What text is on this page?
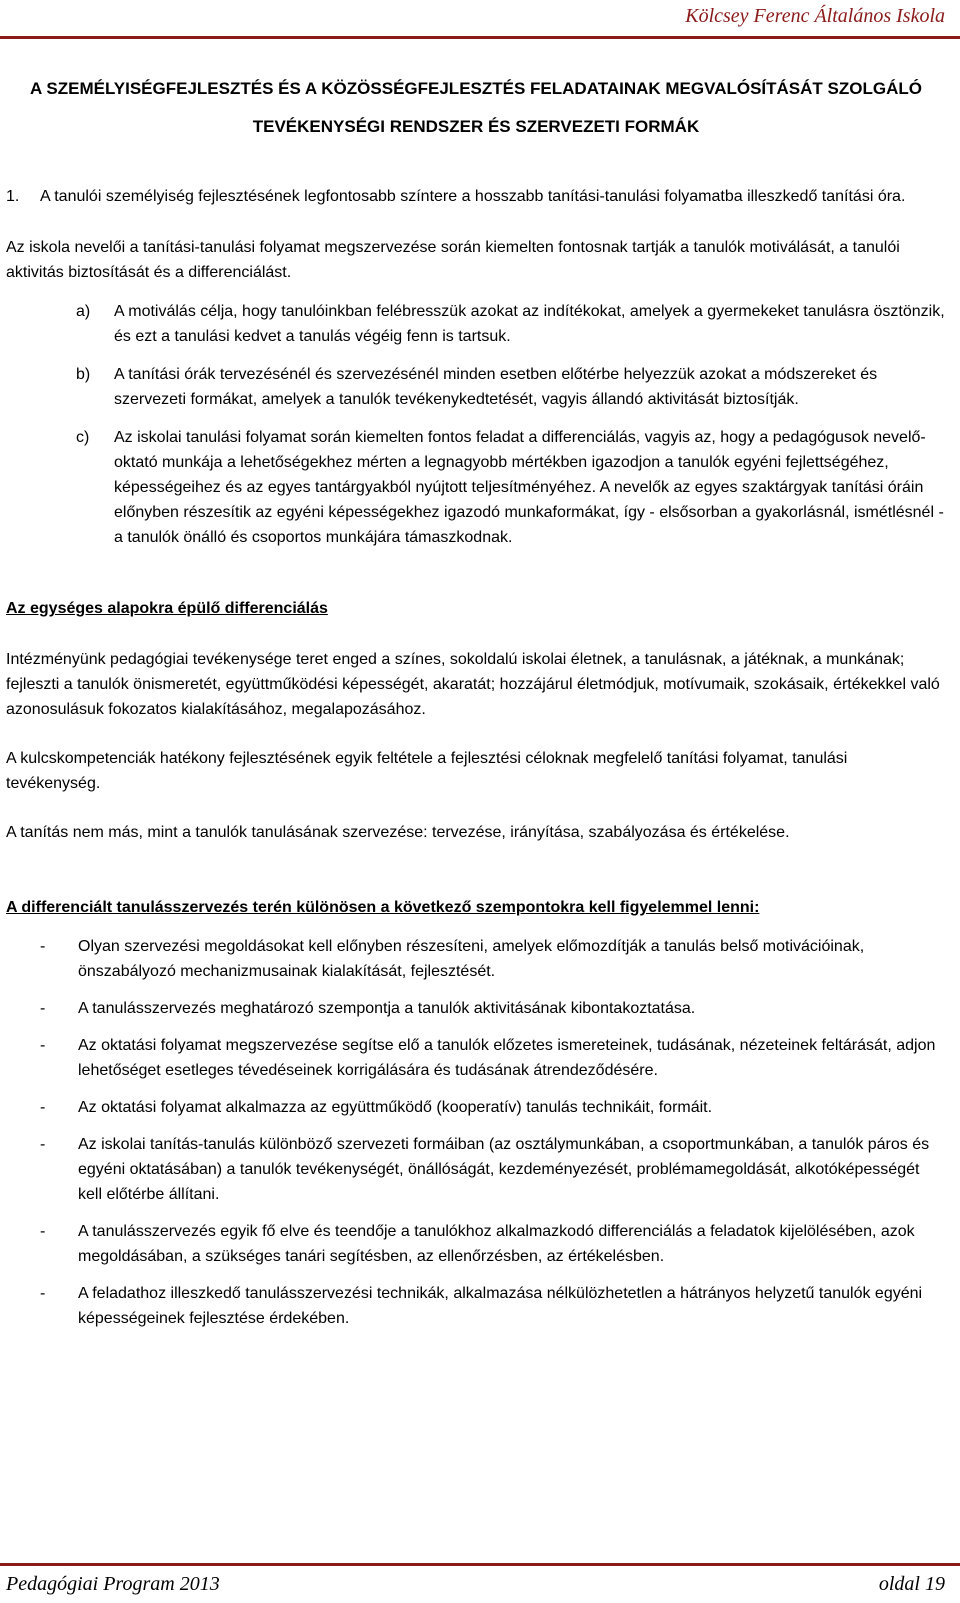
Kölcsey Ferenc Általános Iskola

A SZEMÉLYISÉGFEJLESZTÉS ÉS A KÖZÖSSÉGFEJLESZTÉS FELADATAINAK MEGVALÓSÍTÁSÁT SZOLGÁLÓ

TEVÉKENYSÉGI RENDSZER ÉS SZERVEZETI FORMÁK

1.	A tanulói személyiség fejlesztésének legfontosabb színtere a hosszabb tanítási-tanulási folyamatba illeszkedő tanítási óra.

Az iskola nevelői a tanítási-tanulási folyamat megszervezése során kiemelten fontosnak tartják a tanulók motiválását, a tanulói aktivitás biztosítását és a differenciálást.

a)	A motiválás célja, hogy tanulóinkban felébresszük azokat az indítékokat, amelyek a gyermekeket tanulásra ösztönzik, és ezt a tanulási kedvet a tanulás végéig fenn is tartsuk.
b)	A tanítási órák tervezésénél és szervezésénél minden esetben előtérbe helyezzük azokat a módszereket és szervezeti formákat, amelyek a tanulók tevékenykedtetését, vagyis állandó aktivitását biztosítják.
c)	Az iskolai tanulási folyamat során kiemelten fontos feladat a differenciálás, vagyis az, hogy a pedagógusok nevelő-oktató munkája a lehetőségekhez mérten a legnagyobb mértékben igazodjon a tanulók egyéni fejlettségéhez, képességeihez és az egyes tantárgyakból nyújtott teljesítményéhez. A nevelők az egyes szaktárgyak tanítási óráin előnyben részesítik az egyéni képességekhez igazodó munkaformákat, így - elsősorban a gyakorlásnál, ismétlésnél - a tanulók önálló és csoportos munkájára támaszkodnak.

Az egységes alapokra épülő differenciálás

Intézményünk pedagógiai tevékenysége teret enged a színes, sokoldalú iskolai életnek, a tanulásnak, a játéknak, a munkának; fejleszti a tanulók önismeretét, együttműködési képességét, akaratát; hozzájárul életmódjuk, motívumaik, szokásaik, értékekkel való azonosulásuk fokozatos kialakításához, megalapozásához.

A kulcskompetenciák hatékony fejlesztésének egyik feltétele a fejlesztési céloknak megfelelő tanítási folyamat, tanulási tevékenység.

A tanítás nem más, mint a tanulók tanulásának szervezése: tervezése, irányítása, szabályozása és értékelése.

A differenciált tanulásszervezés terén különösen a következő szempontokra kell figyelemmel lenni:

-	Olyan szervezési megoldásokat kell előnyben részesíteni, amelyek előmozdítják a tanulás belső motivációinak, önszabályozó mechanizmusainak kialakítását, fejlesztését.
-	A tanulásszervezés meghatározó szempontja a tanulók aktivitásának kibontakoztatása.
-	Az oktatási folyamat megszervezése segítse elő a tanulók előzetes ismereteinek, tudásának, nézeteinek feltárását, adjon lehetőséget esetleges tévedéseinek korrigálására és tudásának átrendeződésére.
-	Az oktatási folyamat alkalmazza az együttműködő (kooperatív) tanulás technikáit, formáit.
-	Az iskolai tanítás-tanulás különböző szervezeti formáiban (az osztálymunkában, a csoportmunkában, a tanulók páros és egyéni oktatásában) a tanulók tevékenységét, önállóságát, kezdeményezését, problémamegoldását, alkotóképességét kell előtérbe állítani.
-	A tanulásszervezés egyik fő elve és teendője a tanulókhoz alkalmazkodó differenciálás a feladatok kijelölésében, azok megoldásában, a szükséges tanári segítésben, az ellenőrzésben, az értékelésben.
-	A feladathoz illeszkedő tanulásszervezési technikák, alkalmazása nélkülözhetetlen a hátrányos helyzetű tanulók egyéni képességeinek fejlesztése érdekében.
Pedagógiai Program 2013	oldal 19
